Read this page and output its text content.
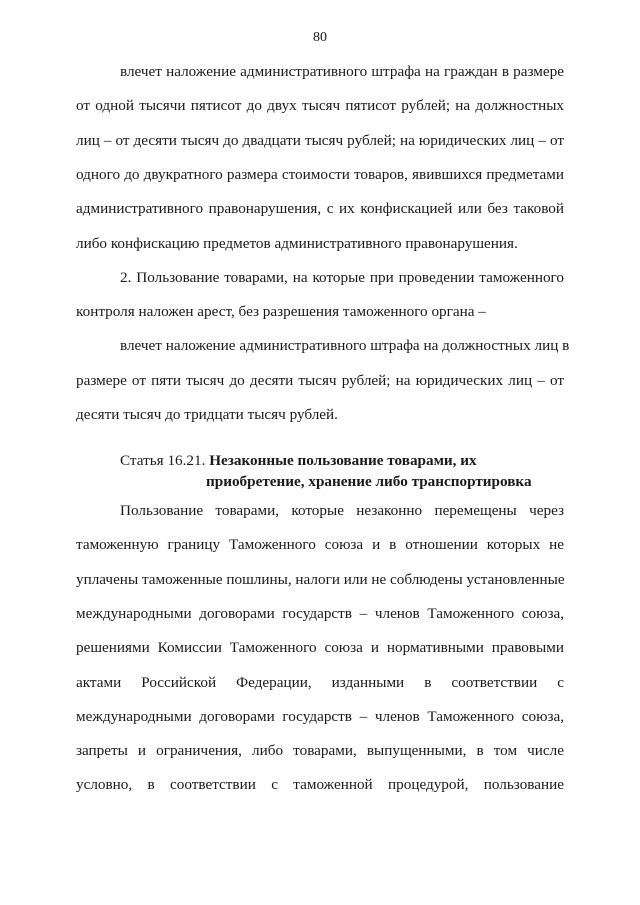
80
влечет наложение административного штрафа на граждан в размере
от одной тысячи пятисот до двух тысяч пятисот рублей; на должностных
лиц – от десяти тысяч до двадцати тысяч рублей; на юридических лиц – от
одного до двукратного размера стоимости товаров, явившихся предметами
административного правонарушения, с их конфискацией или без таковой
либо конфискацию предметов административного правонарушения.
2. Пользование товарами, на которые при проведении таможенного
контроля наложен арест, без разрешения таможенного органа –
влечет наложение административного штрафа на должностных лиц в
размере от пяти тысяч до десяти тысяч рублей; на юридических лиц – от
десяти тысяч до тридцати тысяч рублей.
Статья 16.21. Незаконные пользование товарами, их
приобретение, хранение либо транспортировка
Пользование товарами, которые незаконно перемещены через
таможенную границу Таможенного союза и в отношении которых не
уплачены таможенные пошлины, налоги или не соблюдены установленные
международными договорами государств – членов Таможенного союза,
решениями Комиссии Таможенного союза и нормативными правовыми
актами Российской Федерации, изданными в соответствии с
международными договорами государств – членов Таможенного союза,
запреты и ограничения, либо товарами, выпущенными, в том числе
условно, в соответствии с таможенной процедурой, пользование
